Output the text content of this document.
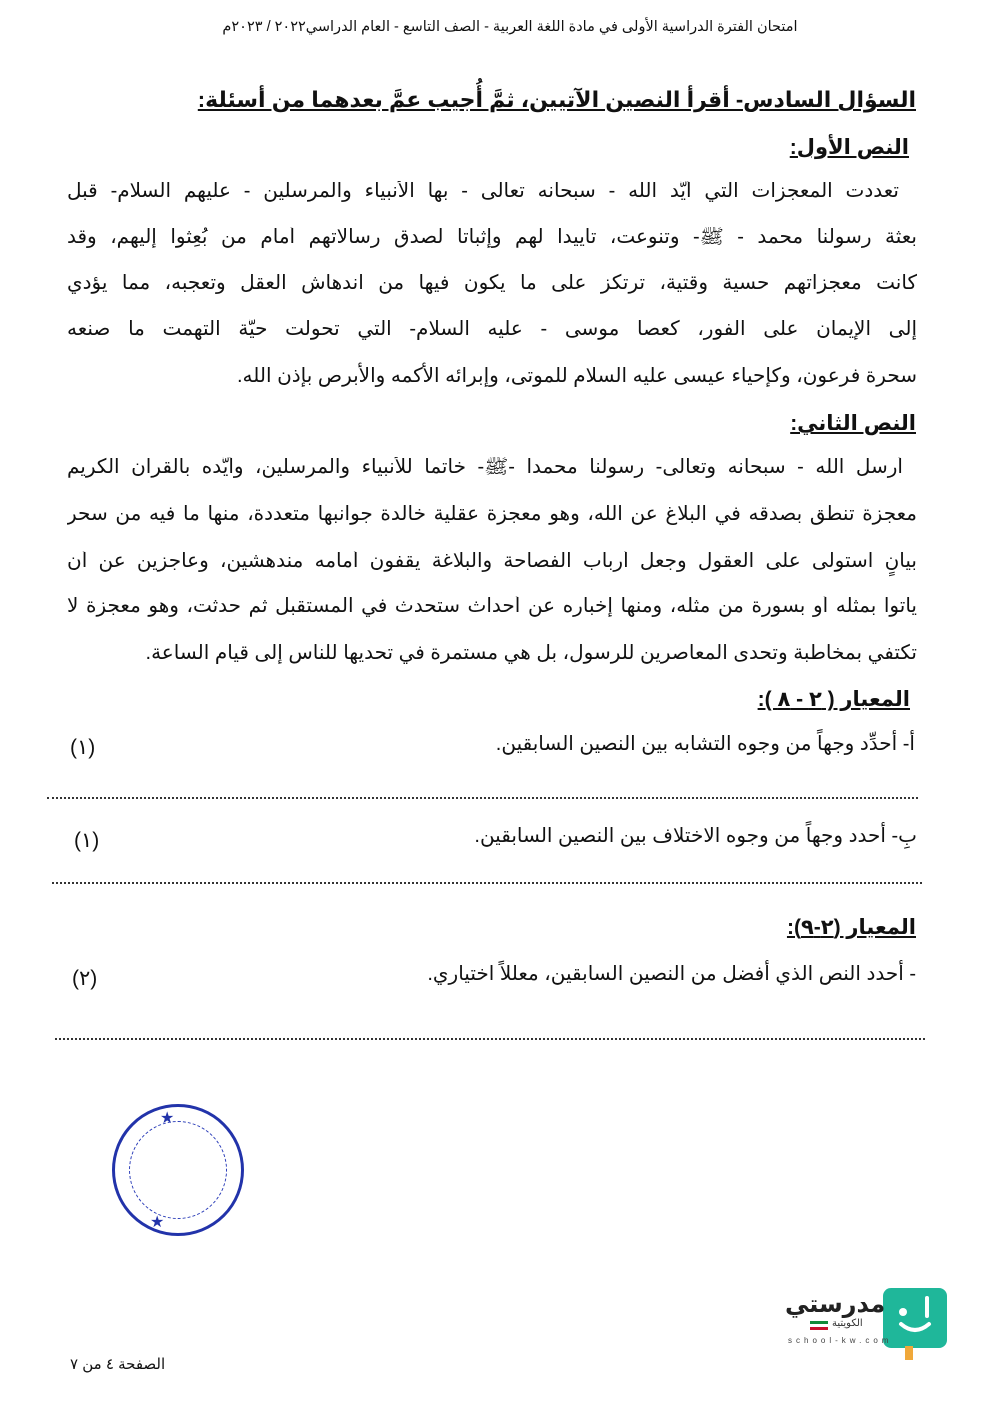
امتحان الفترة الدراسية الأولى في مادة اللغة العربية - الصف التاسع - العام الدراسي٢٠٢٢ / ٢٠٢٣م
السؤال السادس- أقرأ النصين الآتيين، ثمَّ أُجيب عمَّ بعدهما من أسئلة:
النص الأول:
تعددت المعجزات التي أيَّد الله - سبحانه تعالى - بها الأنبياء والمرسلين - عليهم السلام- قبل
بعثة رسولنا محمد - ﷺ- وتنوعت، تأييداً لهم وإثباتاً لصدق رسالاتهم أمام من بُعِثوا إليهم، وقد
كانت معجزاتهم حسية وقتية، ترتكز على ما يكون فيها من اندهاش العقل وتعجبه، مما يؤدي
إلى الإيمان على الفور، كعصا موسى - عليه السلام- التي تحولت حيَّة التهمت ما صنعه
سحرة فرعون، وكإحياء عيسى عليه السلام للموتى، وإبرائه الأكمه والأبرص بإذن الله.
النص الثاني:
أرسل الله - سبحانه وتعالى- رسولنا محمداً -ﷺ- خاتماً للأنبياء والمرسلين، وأيَّده بالقرآن الكريم
معجزة تنطق بصدقه في البلاغ عن الله، وهو معجزة عقلية خالدة جوانبها متعددة، منها ما فيه من سحر
بيانٍ استولى على العقول وجعل أرباب الفصاحة والبلاغة يقفون أمامه مندهشين، وعاجزين عن أن
يأتوا بمثله أو بسورة من مثله، ومنها إخباره عن أحداث ستحدث في المستقبل ثم حدثت، وهو معجزة لا
تكتفي بمخاطبة وتحدى المعاصرين للرسول، بل هي مستمرة في تحديها للناس إلى قيام الساعة.
المعيار ( ٢ - ٨ ):
أ- أحدِّد وجهاً من وجوه التشابه بين النصين السابقين.
(١)
بِ- أحدد وجهاً من وجوه الاختلاف بين النصين السابقين.
(١)
المعيار (٢-٩):
- أحدد النص الذي أفضل من النصين السابقين، معللاً اختياري.
(٢)
★
★
مدرستي
الكويتية
school-kw.com
الصفحة ٤ من ٧
